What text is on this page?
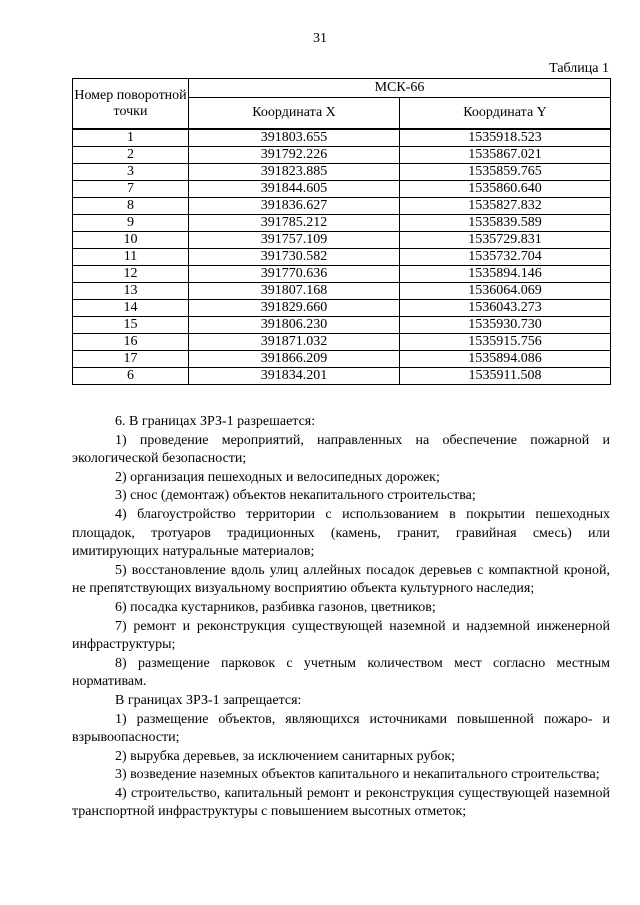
31
Таблица 1
Номер поворотной точки	МСК-66	
	Координата X	Координата Y
1	391803.655	1535918.523
2	391792.226	1535867.021
3	391823.885	1535859.765
7	391844.605	1535860.640
8	391836.627	1535827.832
9	391785.212	1535839.589
10	391757.109	1535729.831
11	391730.582	1535732.704
12	391770.636	1535894.146
13	391807.168	1536064.069
14	391829.660	1536043.273
15	391806.230	1535930.730
16	391871.032	1535915.756
17	391866.209	1535894.086
6	391834.201	1535911.508

6. В границах ЗРЗ-1 разрешается:

1) проведение мероприятий, направленных на обеспечение пожарной и экологической безопасности;

2) организация пешеходных и велосипедных дорожек;

3) снос (демонтаж) объектов некапитального строительства;

4) благоустройство территории с использованием в покрытии пешеходных площадок, тротуаров традиционных (камень, гранит, гравийная смесь) или имитирующих натуральные материалов;

5) восстановление вдоль улиц аллейных посадок деревьев с компактной кроной, не препятствующих визуальному восприятию объекта культурного наследия;

6) посадка кустарников, разбивка газонов, цветников;

7) ремонт и реконструкция существующей наземной и надземной инженерной инфраструктуры;

8) размещение парковок с учетным количеством мест согласно местным нормативам.

В границах ЗРЗ-1 запрещается:

1) размещение объектов, являющихся источниками повышенной пожаро- и взрывоопасности;

2) вырубка деревьев, за исключением санитарных рубок;

3) возведение наземных объектов капитального и некапитального строительства;

4) строительство, капитальный ремонт и реконструкция существующей наземной транспортной инфраструктуры с повышением высотных отметок;
